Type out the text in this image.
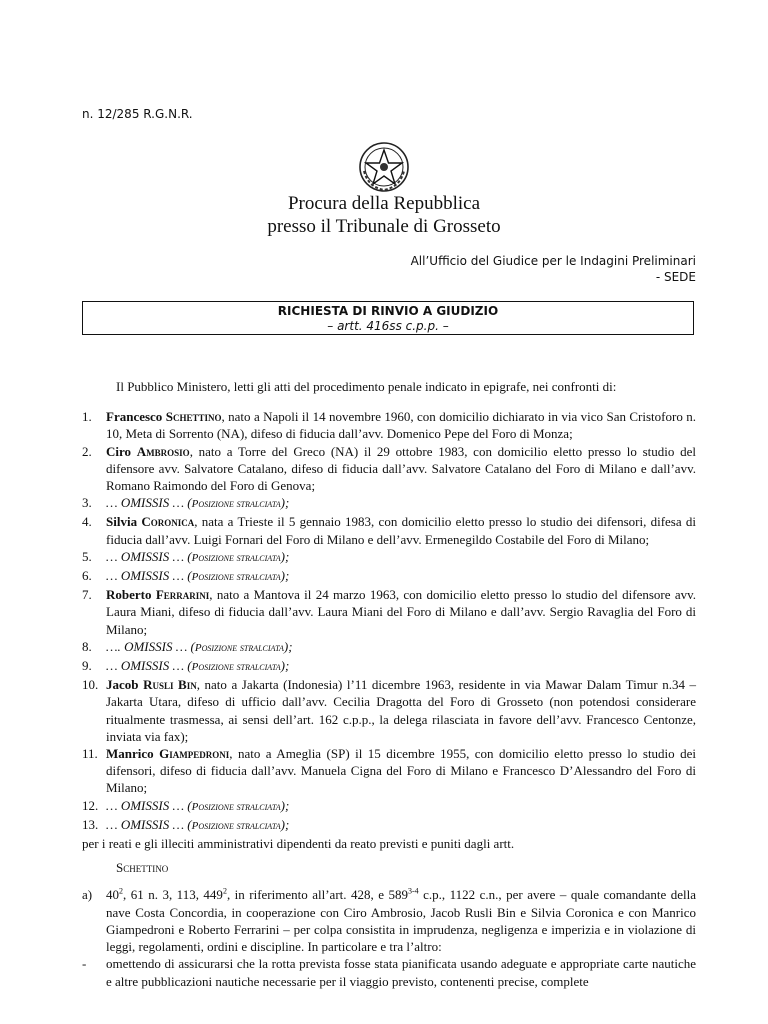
n. 12/285 R.G.N.R.
Procura della Repubblica
presso il Tribunale di Grosseto
All’Ufficio del Giudice per le Indagini Preliminari
- SEDE
RICHIESTA DI RINVIO A GIUDIZIO
– artt. 416ss c.p.p. –

Il Pubblico Ministero, letti gli atti del procedimento penale indicato in epigrafe, nei confronti di:

1. Francesco Schettino, nato a Napoli il 14 novembre 1960, con domicilio dichiarato in via vico San Cristoforo n. 10, Meta di Sorrento (NA), difeso di fiducia dall’avv. Domenico Pepe del Foro di Monza;
2. Ciro Ambrosio, nato a Torre del Greco (NA) il 29 ottobre 1983, con domicilio eletto presso lo studio del difensore avv. Salvatore Catalano, difeso di fiducia dall’avv. Salvatore Catalano del Foro di Milano e dall’avv. Romano Raimondo del Foro di Genova;
3. … OMISSIS … (Posizione stralciata);
4. Silvia Coronica, nata a Trieste il 5 gennaio 1983, con domicilio eletto presso lo studio dei difensori, difesa di fiducia dall’avv. Luigi Fornari del Foro di Milano e dell’avv. Ermenegildo Costabile del Foro di Milano;
5. … OMISSIS … (Posizione stralciata);
6. … OMISSIS … (Posizione stralciata);
7. Roberto Ferrarini, nato a Mantova il 24 marzo 1963, con domicilio eletto presso lo studio del difensore avv. Laura Miani, difeso di fiducia dall’avv. Laura Miani del Foro di Milano e dall’avv. Sergio Ravaglia del Foro di Milano;
8. …. OMISSIS … (Posizione stralciata);
9. … OMISSIS … (Posizione stralciata);
10. Jacob Rusli Bin, nato a Jakarta (Indonesia) l’11 dicembre 1963, residente in via Mawar Dalam Timur n.34 – Jakarta Utara, difeso di ufficio dall’avv. Cecilia Dragotta del Foro di Grosseto (non potendosi considerare ritualmente trasmessa, ai sensi dell’art. 162 c.p.p., la delega rilasciata in favore dell’avv. Francesco Centonze, inviata via fax);
11. Manrico Giampedroni, nato a Ameglia (SP) il 15 dicembre 1955, con domicilio eletto presso lo studio dei difensori, difeso di fiducia dall’avv. Manuela Cigna del Foro di Milano e Francesco D’Alessandro del Foro di Milano;
12. … OMISSIS … (Posizione stralciata);
13. … OMISSIS … (Posizione stralciata);

per i reati e gli illeciti amministrativi dipendenti da reato previsti e puniti dagli artt.

Schettino

a) $40^2$, 61 n. 3, 113, $449^2$, in riferimento all’art. 428, e 589$^{3-4}$ c.p., 1122 c.n., per avere – quale comandante della nave Costa Concordia, in cooperazione con Ciro Ambrosio, Jacob Rusli Bin e Silvia Coronica e con Manrico Giampedroni e Roberto Ferrarini – per colpa consistita in imprudenza, negligenza e imperizia e in violazione di leggi, regolamenti, ordini e discipline. In particolare e tra l’altro:

- omettendo di assicurarsi che la rotta prevista fosse stata pianificata usando adeguate e appropriate carte nautiche e altre pubblicazioni nautiche necessarie per il viaggio previsto, contenenti precise, complete
